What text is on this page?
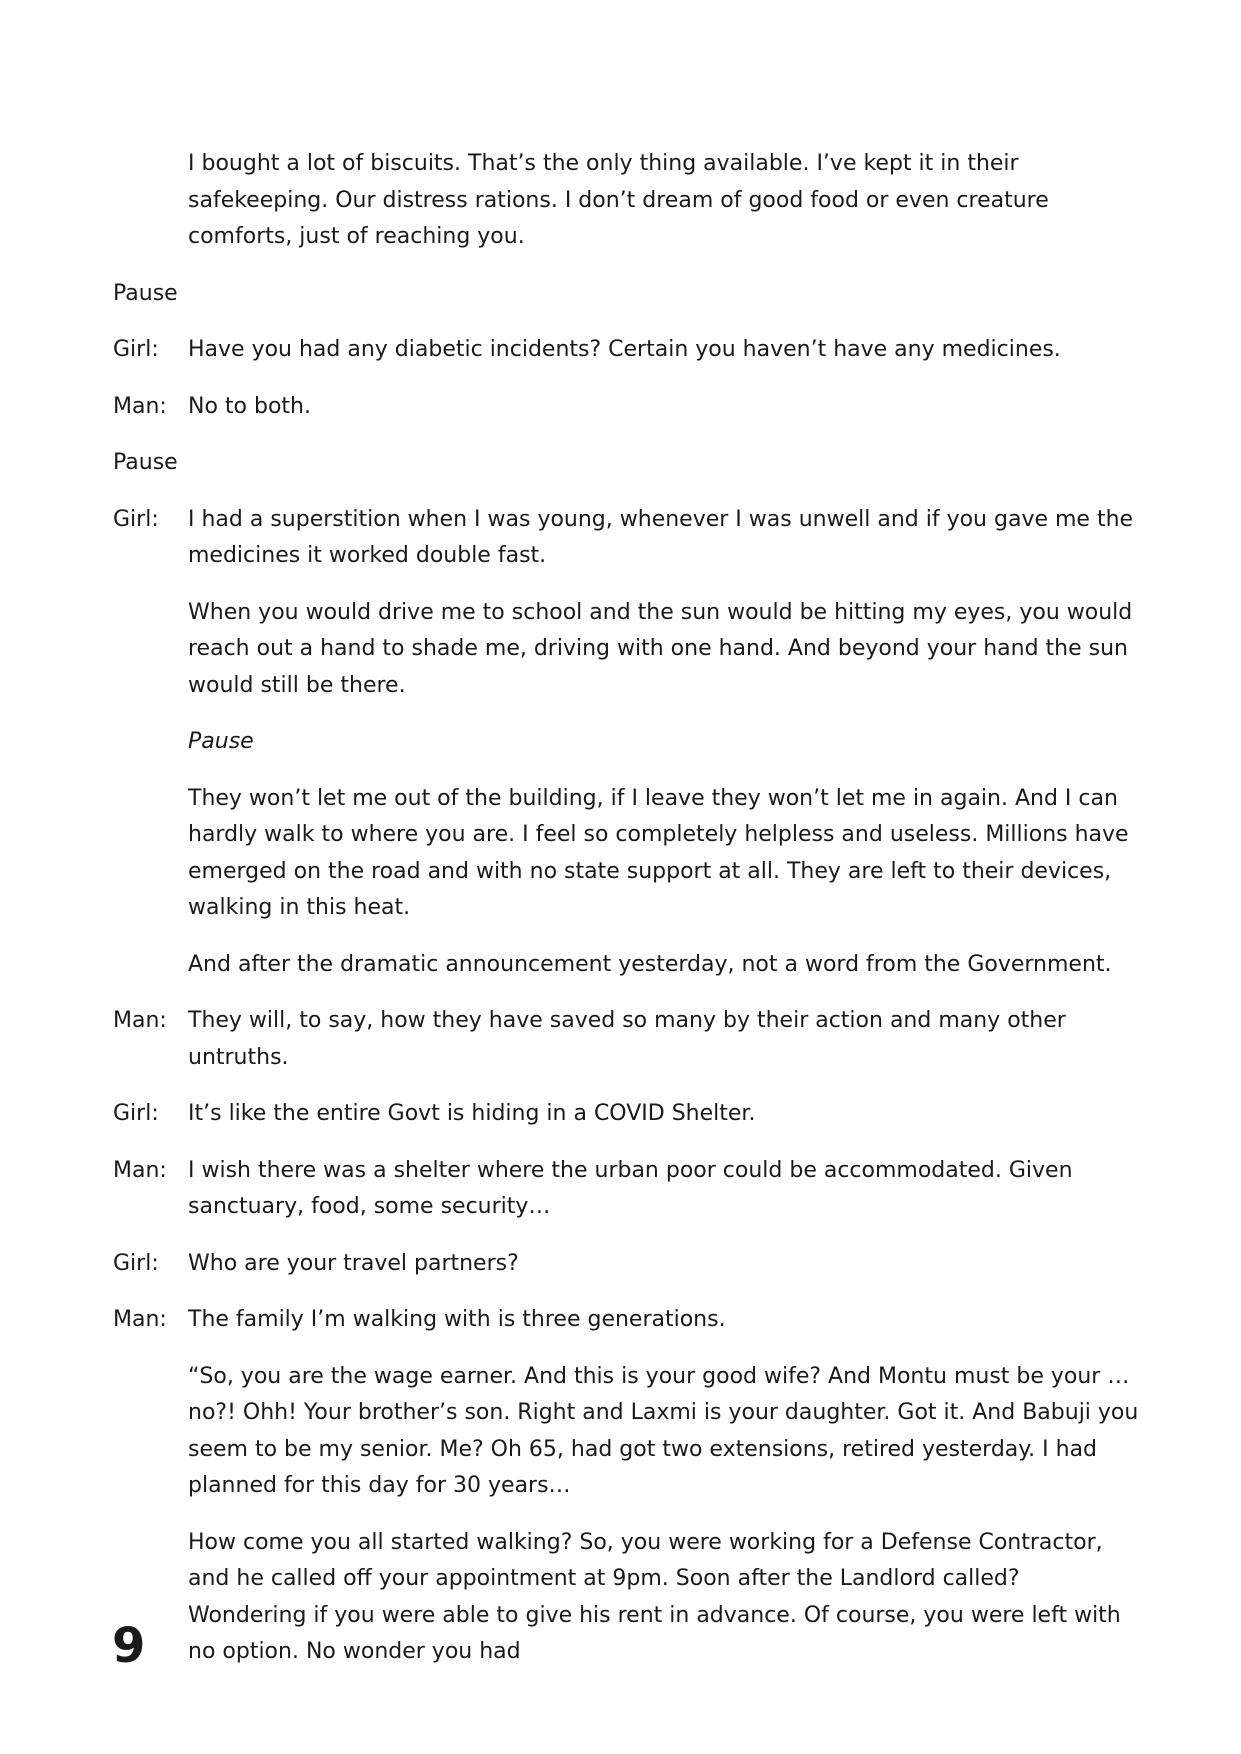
I bought a lot of biscuits. That’s the only thing available. I’ve kept it in their safekeeping. Our distress rations. I don’t dream of good food or even creature comforts, just of reaching you.
Pause
Girl:	Have you had any diabetic incidents? Certain you haven’t have any medicines.
Man: No to both.
Pause
Girl:	I had a superstition when I was young, whenever I was unwell and if you gave me the medicines it worked double fast.
When you would drive me to school and the sun would be hitting my eyes, you would reach out a hand to shade me, driving with one hand. And beyond your hand the sun would still be there.
Pause
They won’t let me out of the building, if I leave they won’t let me in again. And I can hardly walk to where you are. I feel so completely helpless and useless. Millions have emerged on the road and with no state support at all. They are left to their devices, walking in this heat.
And after the dramatic announcement yesterday, not a word from the Government.
Man: They will, to say, how they have saved so many by their action and many other untruths.
Girl:	It’s like the entire Govt is hiding in a COVID Shelter.
Man: I wish there was a shelter where the urban poor could be accommodated. Given sanctuary, food, some security…
Girl:	Who are your travel partners?
Man: The family I’m walking with is three generations.
“So, you are the wage earner. And this is your good wife? And Montu must be your …no?! Ohh! Your brother’s son. Right and Laxmi is your daughter. Got it. And Babuji you seem to be my senior. Me? Oh 65, had got two extensions, retired yesterday. I had planned for this day for 30 years…
How come you all started walking? So, you were working for a Defense Contractor, and he called off your appointment at 9pm. Soon after the Landlord called? Wondering if you were able to give his rent in advance. Of course, you were left with no option. No wonder you had
9
